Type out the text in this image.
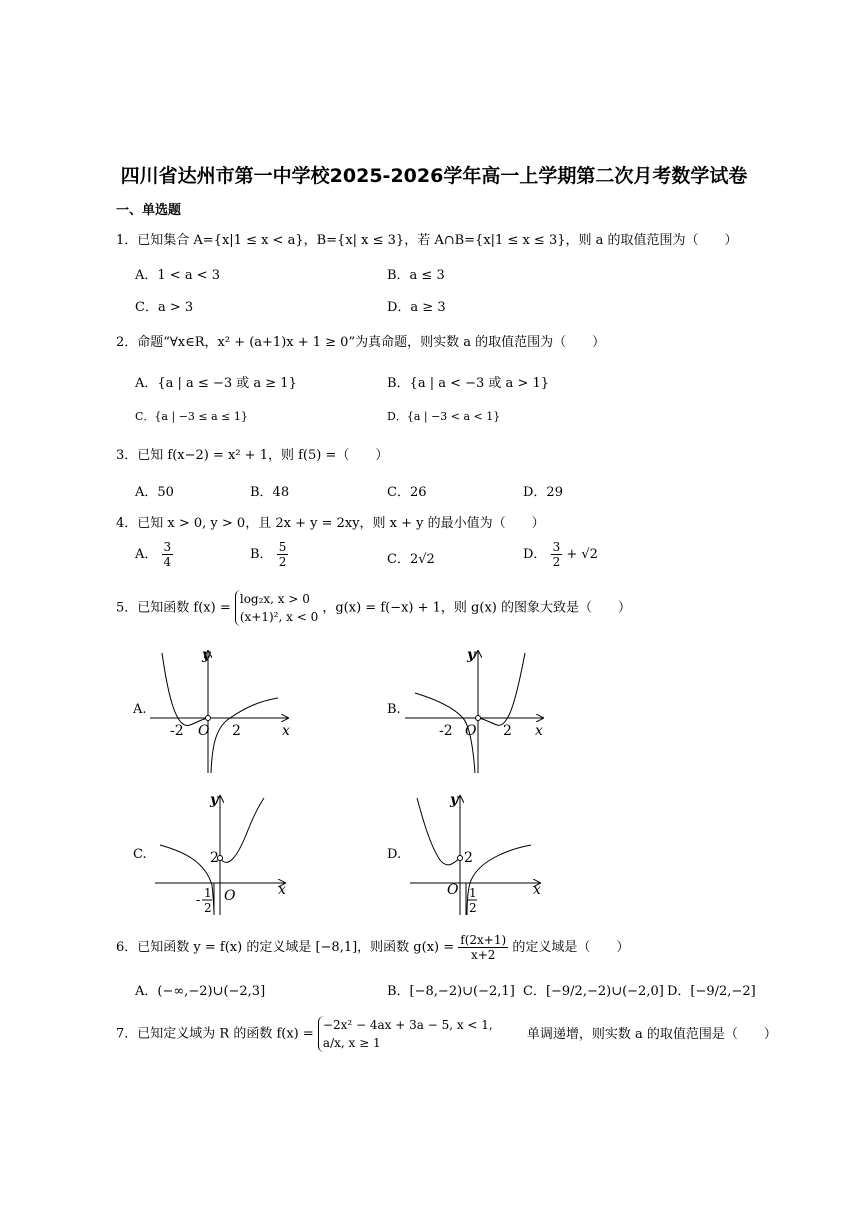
四川省达州市第一中学校2025-2026学年高一上学期第二次月考数学试卷
一、单选题
1．已知集合 A={x|1 ≤ x < a}，B={x| x ≤ 3}，若 A∩B={x|1 ≤ x ≤ 3}，则 a 的取值范围为（　　）
A．1 < a < 3	B．a ≤ 3
C．a > 3	D．a ≥ 3
2．命题“∀x∈R，x² + (a+1)x + 1 ≥ 0”为真命题，则实数 a 的取值范围为（　　）
A．{a | a ≤ −3 或 a ≥ 1}	B．{a | a < −3 或 a > 1}
C．{a | −3 ≤ a ≤ 1}	D．{a | −3 < a < 1}
3．已知 f(x−2) = x² + 1，则 f(5) =（　　）
A．50	B．48	C．26	D．29
4．已知 x > 0, y > 0，且 2x + y = 2xy，则 x + y 的最小值为（　　）
A． $\frac{3}{4}$	B． $\frac{5}{2}$	C．2√2	D． $\frac{3}{2} + √2$
5．已知函数 f(x) =
log₂x, x > 0
(x+1)², x < 0
，g(x) = f(−x) + 1，则 g(x) 的图象大致是（　　）
A.	B.
C.	D.
y
x
O
-2	2
y
x
O
-2	2
y
x
O
2
- 1
2
y
x
O
2
1
2
6．已知函数 y = f(x) 的定义域是 [−8,1]，则函数 $g(x) = \frac{f(2x+1)}{x+2}$ 的定义域是（　　）
A．(−∞,−2)∪(−2,3]	B．[−8,−2)∪(−2,1] C．[−9/2,−2)∪(−2,0] D．[−9/2,−2]
7．已知定义域为 R 的函数 f(x) =
−2x² − 4ax + 3a − 5, x < 1,
a/x, x ≥ 1
单调递增，则实数 a 的取值范围是（　　）
